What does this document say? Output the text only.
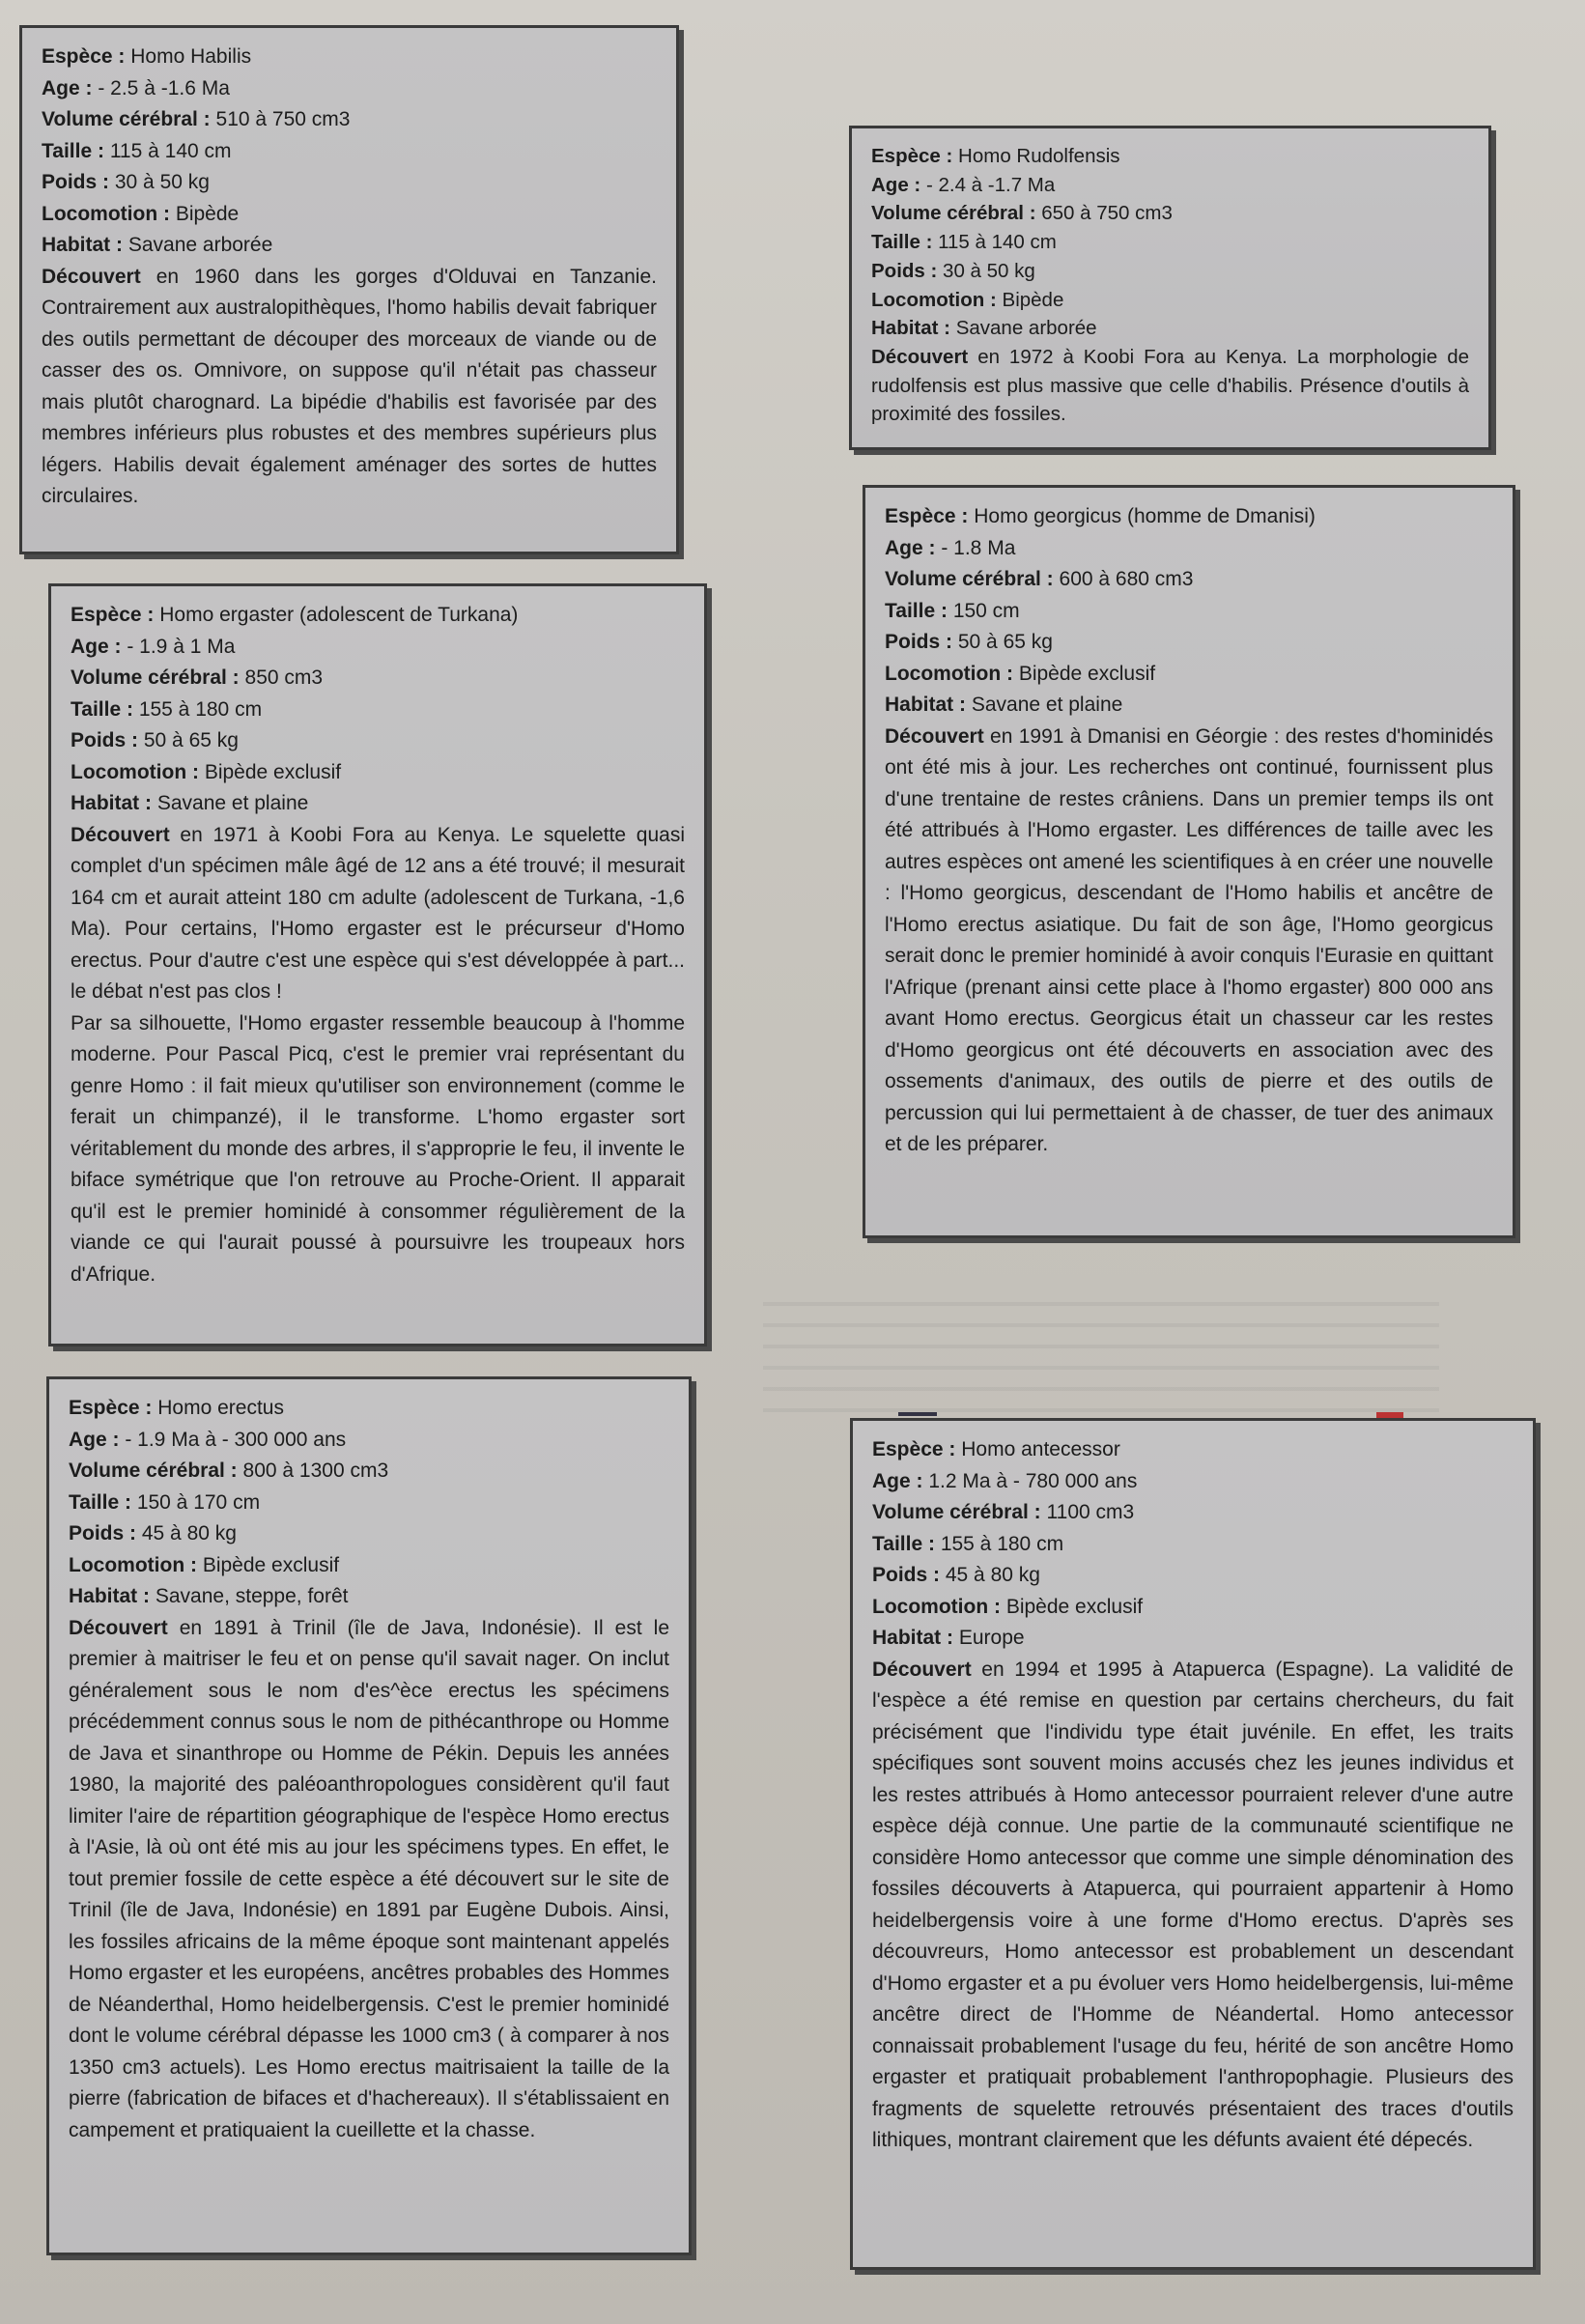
Espèce : Homo Habilis
Age : - 2.5 à -1.6 Ma
Volume cérébral : 510 à 750 cm3
Taille : 115 à 140 cm
Poids : 30 à 50 kg
Locomotion : Bipède
Habitat : Savane arborée

Découvert en 1960 dans les gorges d'Olduvai en Tanzanie. Contrairement aux australopithèques, l'homo habilis devait fabriquer des outils permettant de découper des morceaux de viande ou de casser des os. Omnivore, on suppose qu'il n'était pas chasseur mais plutôt charognard. La bipédie d'habilis est favorisée par des membres inférieurs plus robustes et des membres supérieurs plus légers. Habilis devait également aménager des sortes de huttes circulaires.

Espèce : Homo Rudolfensis
Age : - 2.4 à -1.7 Ma
Volume cérébral : 650 à 750 cm3
Taille : 115 à 140 cm
Poids : 30 à 50 kg
Locomotion : Bipède
Habitat : Savane arborée

Découvert en 1972 à Koobi Fora au Kenya. La morphologie de rudolfensis est plus massive que celle d'habilis. Présence d'outils à proximité des fossiles.

Espèce : Homo ergaster (adolescent de Turkana)
Age : - 1.9 à 1 Ma
Volume cérébral : 850 cm3
Taille : 155 à 180 cm
Poids : 50 à 65 kg
Locomotion : Bipède exclusif
Habitat : Savane et plaine

Découvert en 1971 à Koobi Fora au Kenya. Le squelette quasi complet d'un spécimen mâle âgé de 12 ans a été trouvé; il mesurait 164 cm et aurait atteint 180 cm adulte (adolescent de Turkana, -1,6 Ma). Pour certains, l'Homo ergaster est le précurseur d'Homo erectus. Pour d'autre c'est une espèce qui s'est développée à part... le débat n'est pas clos !

Par sa silhouette, l'Homo ergaster ressemble beaucoup à l'homme moderne. Pour Pascal Picq, c'est le premier vrai représentant du genre Homo : il fait mieux qu'utiliser son environnement (comme le ferait un chimpanzé), il le transforme. L'homo ergaster sort véritablement du monde des arbres, il s'approprie le feu, il invente le biface symétrique que l'on retrouve au Proche-Orient. Il apparait qu'il est le premier hominidé à consommer régulièrement de la viande ce qui l'aurait poussé à poursuivre les troupeaux hors d'Afrique.

Espèce : Homo georgicus (homme de Dmanisi)
Age : - 1.8 Ma
Volume cérébral : 600 à 680 cm3
Taille : 150 cm
Poids : 50 à 65 kg
Locomotion : Bipède exclusif
Habitat : Savane et plaine

Découvert en 1991 à Dmanisi en Géorgie : des restes d'hominidés ont été mis à jour. Les recherches ont continué, fournissent plus d'une trentaine de restes crâniens. Dans un premier temps ils ont été attribués à l'Homo ergaster. Les différences de taille avec les autres espèces ont amené les scientifiques à en créer une nouvelle : l'Homo georgicus, descendant de l'Homo habilis et ancêtre de l'Homo erectus asiatique. Du fait de son âge, l'Homo georgicus serait donc le premier hominidé à avoir conquis l'Eurasie en quittant l'Afrique (prenant ainsi cette place à l'homo ergaster) 800 000 ans avant Homo erectus. Georgicus était un chasseur car les restes d'Homo georgicus ont été découverts en association avec des ossements d'animaux, des outils de pierre et des outils de percussion qui lui permettaient à de chasser, de tuer des animaux et de les préparer.

Espèce : Homo erectus
Age : - 1.9 Ma à - 300 000 ans
Volume cérébral : 800 à 1300 cm3
Taille : 150 à 170 cm
Poids : 45 à 80 kg
Locomotion : Bipède exclusif
Habitat : Savane, steppe, forêt

Découvert en 1891 à Trinil (île de Java, Indonésie). Il est le premier à maitriser le feu et on pense qu'il savait nager. On inclut généralement sous le nom d'es^èce erectus les spécimens précédemment connus sous le nom de pithécanthrope ou Homme de Java et sinanthrope ou Homme de Pékin. Depuis les années 1980, la majorité des paléoanthropologues considèrent qu'il faut limiter l'aire de répartition géographique de l'espèce Homo erectus à l'Asie, là où ont été mis au jour les spécimens types. En effet, le tout premier fossile de cette espèce a été découvert sur le site de Trinil (île de Java, Indonésie) en 1891 par Eugène Dubois. Ainsi, les fossiles africains de la même époque sont maintenant appelés Homo ergaster et les européens, ancêtres probables des Hommes de Néanderthal, Homo heidelbergensis. C'est le premier hominidé dont le volume cérébral dépasse les 1000 cm3 ( à comparer à nos 1350 cm3 actuels). Les Homo erectus maitrisaient la taille de la pierre (fabrication de bifaces et d'hachereaux). Il s'établissaient en campement et pratiquaient la cueillette et la chasse.

Espèce : Homo antecessor
Age : 1.2 Ma à - 780 000 ans
Volume cérébral : 1100 cm3
Taille : 155 à 180 cm
Poids : 45 à 80 kg
Locomotion : Bipède exclusif
Habitat : Europe

Découvert en 1994 et 1995 à Atapuerca (Espagne). La validité de l'espèce a été remise en question par certains chercheurs, du fait précisément que l'individu type était juvénile. En effet, les traits spécifiques sont souvent moins accusés chez les jeunes individus et les restes attribués à Homo antecessor pourraient relever d'une autre espèce déjà connue. Une partie de la communauté scientifique ne considère Homo antecessor que comme une simple dénomination des fossiles découverts à Atapuerca, qui pourraient appartenir à Homo heidelbergensis voire à une forme d'Homo erectus. D'après ses découvreurs, Homo antecessor est probablement un descendant d'Homo ergaster et a pu évoluer vers Homo heidelbergensis, lui-même ancêtre direct de l'Homme de Néandertal. Homo antecessor connaissait probablement l'usage du feu, hérité de son ancêtre Homo ergaster et pratiquait probablement l'anthropophagie. Plusieurs des fragments de squelette retrouvés présentaient des traces d'outils lithiques, montrant clairement que les défunts avaient été dépecés.
